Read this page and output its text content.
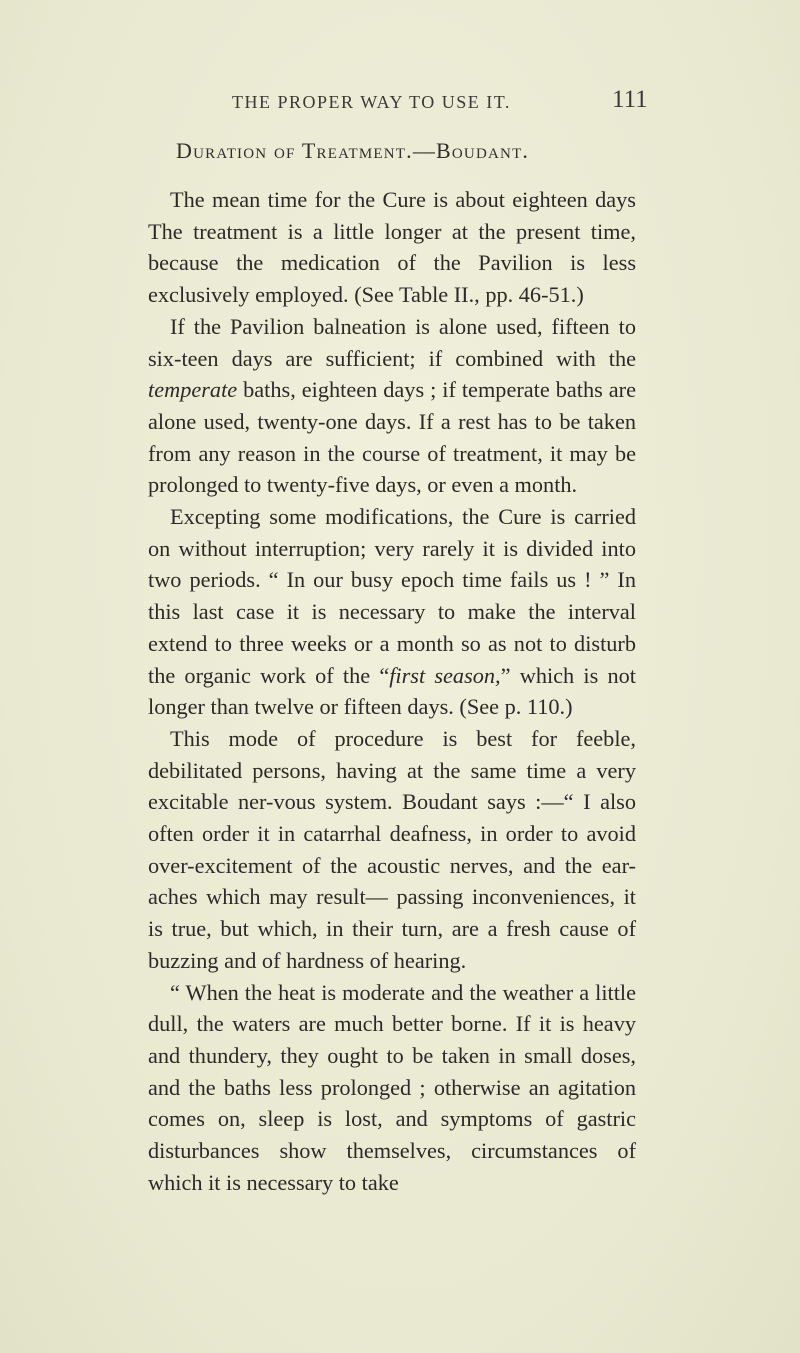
THE PROPER WAY TO USE IT.	111
Duration of Treatment.—Boudant.

The mean time for the Cure is about eighteen days The treatment is a little longer at the present time, because the medication of the Pavilion is less exclusively employed. (See Table II., pp. 46-51.)

If the Pavilion balneation is alone used, fifteen to six-teen days are sufficient; if combined with the temperate baths, eighteen days ; if temperate baths are alone used, twenty-one days. If a rest has to be taken from any reason in the course of treatment, it may be prolonged to twenty-five days, or even a month.

Excepting some modifications, the Cure is carried on without interruption; very rarely it is divided into two periods. “ In our busy epoch time fails us ! ” In this last case it is necessary to make the interval extend to three weeks or a month so as not to disturb the organic work of the “first season,” which is not longer than twelve or fifteen days. (See p. 110.)

This mode of procedure is best for feeble, debilitated persons, having at the same time a very excitable ner-vous system. Boudant says :—“ I also often order it in catarrhal deafness, in order to avoid over-excitement of the acoustic nerves, and the ear-aches which may result— passing inconveniences, it is true, but which, in their turn, are a fresh cause of buzzing and of hardness of hearing.

“ When the heat is moderate and the weather a little dull, the waters are much better borne. If it is heavy and thundery, they ought to be taken in small doses, and the baths less prolonged ; otherwise an agitation comes on, sleep is lost, and symptoms of gastric disturbances show themselves, circumstances of which it is necessary to take
